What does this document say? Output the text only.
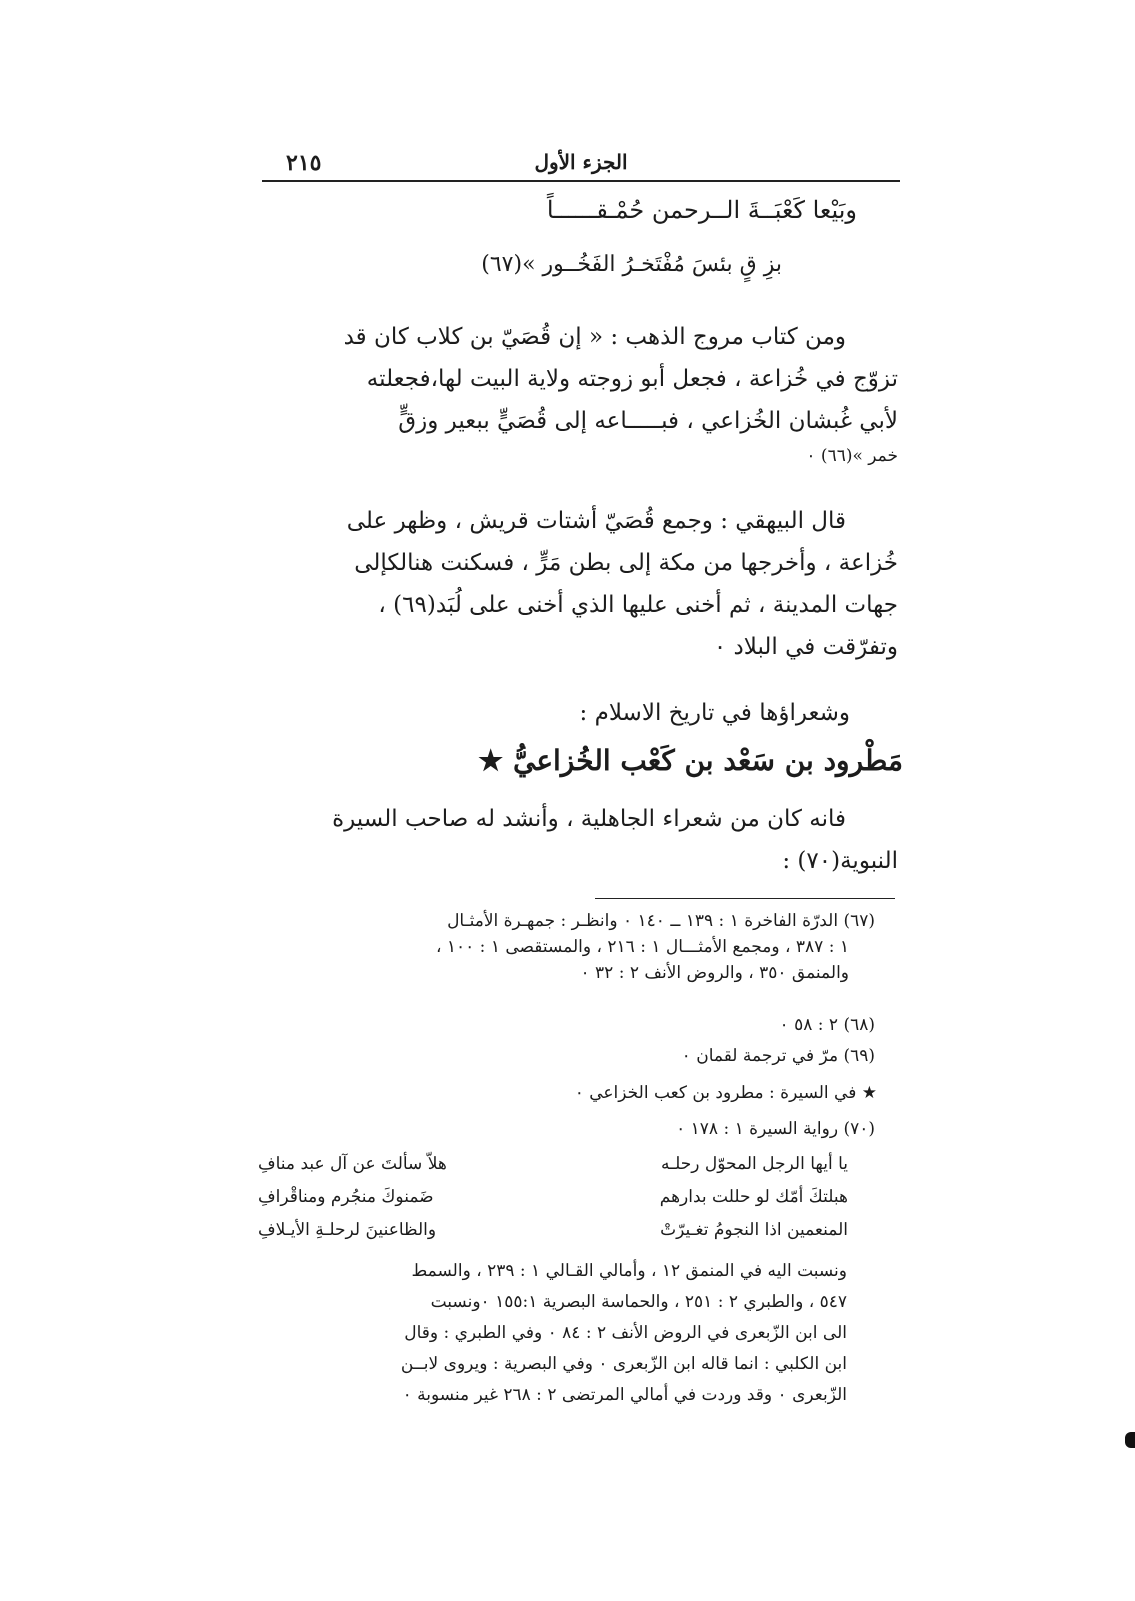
٢١٥	الجزء الأول
وبَيْعا كَعْبَــةَ الــرحمن حُمْـقــــــاً
بزِ قٍ بئسَ مُفْتَخـرُ الفَخُــور »(٦٧)
ومن كتاب مروج الذهب : « إن قُصَيّ بن كلاب كان قد
تزوّج في خُزاعة ، فجعل أبو زوجته ولاية البيت لها،فجعلته
لأبي غُبشان الخُزاعي ، فبـــــاعه إلى قُصَيٍّ ببعير وزقٍّ
خمر »(٦٦) ٠
قال البيهقي : وجمع قُصَيّ أشتات قريش ، وظهر على
خُزاعة ، وأخرجها من مكة إلى بطن مَرٍّ ، فسكنت هنالكإلى
جهات المدينة ، ثم أخنى عليها الذي أخنى على لُبَد(٦٩) ،
وتفرّقت في البلاد ٠
وشعراؤها في تاريخ الاسلام :
مَطْرود بن سَعْد بن كَعْب الخُزاعيُّ ★
فانه كان من شعراء الجاهلية ، وأنشد له صاحب السيرة
النبوية(٧٠) :
(٦٧) الدرّة الفاخرة ١ : ١٣٩ ــ ١٤٠ ٠ وانظـر : جمهـرة الأمثـال
١ : ٣٨٧ ، ومجمع الأمثـــال ١ : ٢١٦ ، والمستقصى ١ : ١٠٠ ،
والمنمق ٣٥٠ ، والروض الأنف ٢ : ٣٢ ٠
(٦٨) ٢ : ٥٨ ٠
(٦٩) مرّ في ترجمة لقمان ٠
★ في السيرة : مطرود بن كعب الخزاعي ٠
(٧٠) رواية السيرة ١ : ١٧٨ ٠
يا أيها الرجل المحوّل رحلـه
هلاّ سألتَ عن آل عبد منافِ
هبلتكَ أمّك لو حللت بدارهم
ضَمنوكَ منجُرم ومناقْرافِ
المنعمين اذا النجومُ تغـيرّتْ
والظاعنينَ لرحلـةِ الأيـلافِ
ونسبت اليه في المنمق ١٢ ، وأمالي القـالي ١ : ٢٣٩ ، والسمط
٥٤٧ ، والطبري ٢ : ٢٥١ ، والحماسة البصرية ١٥٥:١ ٠ونسبت
الى ابن الزّبعرى في الروض الأنف ٢ : ٨٤ ٠ وفي الطبري : وقال
ابن الكلبي : انما قاله ابن الزّبعرى ٠ وفي البصرية : ويروى لابــن
الزّبعرى ٠ وقد وردت في أمالي المرتضى ٢ : ٢٦٨ غير منسوبة ٠
